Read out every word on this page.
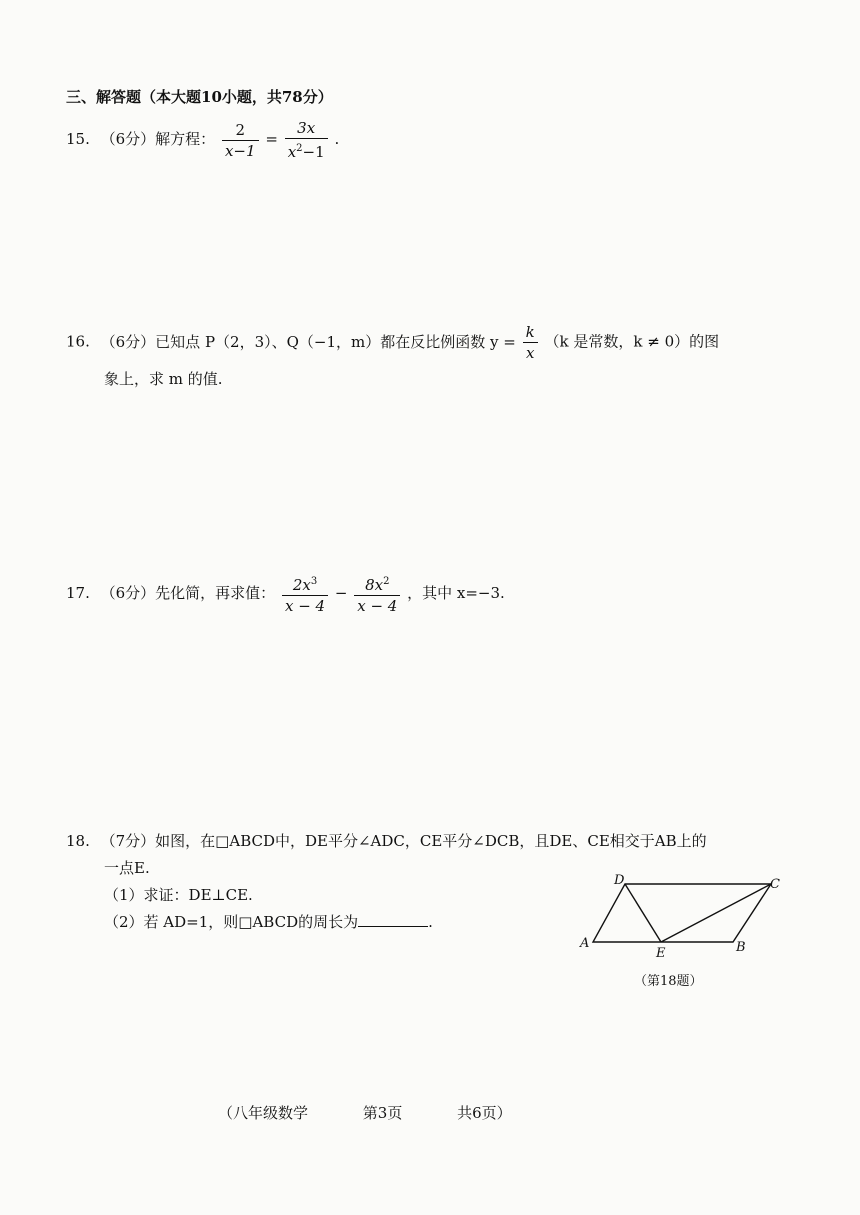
三、解答题（本大题10小题，共78分）
15. （6分）解方程： $\frac{2}{x-1} = \frac{3x}{x^2-1}$ .
16. （6分）已知点 P（2，3）、Q（−1，m）都在反比例函数 $y = \frac{k}{x} (k$ 是常数，k ≠ 0）的图
象上，求 m 的值.
17. （6分）先化简，再求值： $\frac{2x^3}{x - 4} - \frac{8x^2}{x - 4}$ ，其中 x=−3.
18. （7分）如图，在□ABCD中，DE平分∠ADC，CE平分∠DCB，且DE、CE相交于AB上的
一点E.
（1）求证：DE⊥CE.
（2）若 AD=1，则□ABCD的周长为	.
D	C
A	B
E
（第18题）
（八年级数学	第3页	共6页）
